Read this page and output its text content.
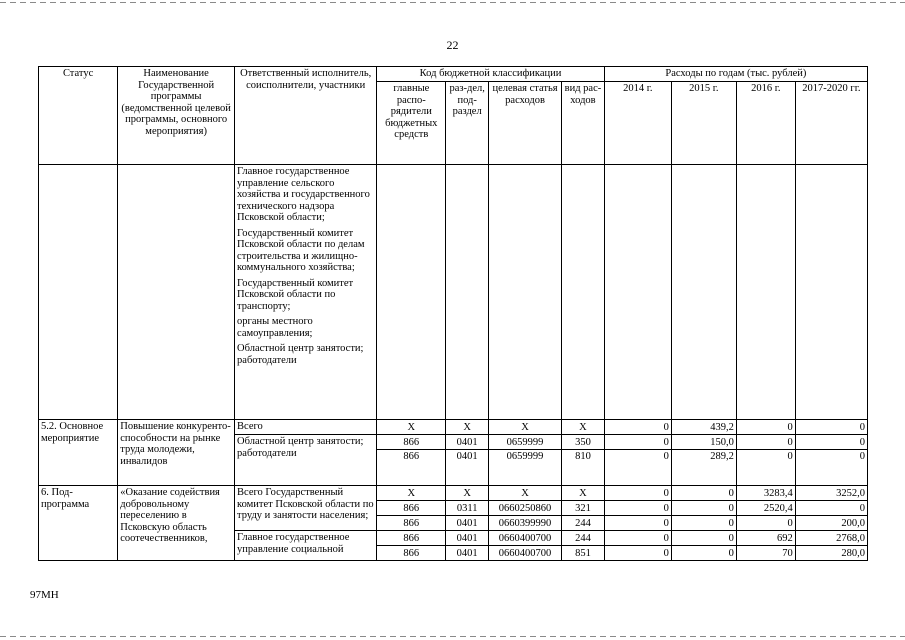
22
Статус	Наименование Государственной программы (ведомственной целевой программы, основного мероприятия)	Ответственный исполнитель, соисполнители, участники	Код бюджетной классификации				Расходы по годам (тыс. рублей)			
			главные распо-рядители бюджетных средств	раз-дел, под-раздел	целевая статья расходов	вид рас-ходов	2014 г.	2015 г.	2016 г.	2017-2020 гг.

		Главное государственное управление сельского хозяйства и государственного технического надзора Псковской области;
Государственный комитет Псковской области по делам строительства и жилищно-коммунального хозяйства;
Государственный комитет Псковской области по транспорту;
органы местного самоуправления;
Областной центр занятости; работодатели								

5.2. Основное мероприятие	Повышение конкуренто-способности на рынке труда молодежи, инвалидов	Всего	X	X	X	X	0	439,2	0	0
		Областной центр занятости; работодатели	866	0401	0659999	350	0	150,0	0	0
			866	0401	0659999	810	0	289,2	0	0
6. Под-программа	«Оказание содействия добровольному переселению в Псковскую область соотечественников,	Всего Государственный комитет Псковской области по труду и занятости населения;	X	X	X	X	0	0	3283,4	3252,0
			866	0311	0660250860	321	0	0	2520,4	0
			866	0401	0660399990	244	0	0	0	200,0
		Главное государственное управление социальной	866	0401	0660400700	244	0	0	692	2768,0
			866	0401	0660400700	851	0	0	70	280,0
97МН
